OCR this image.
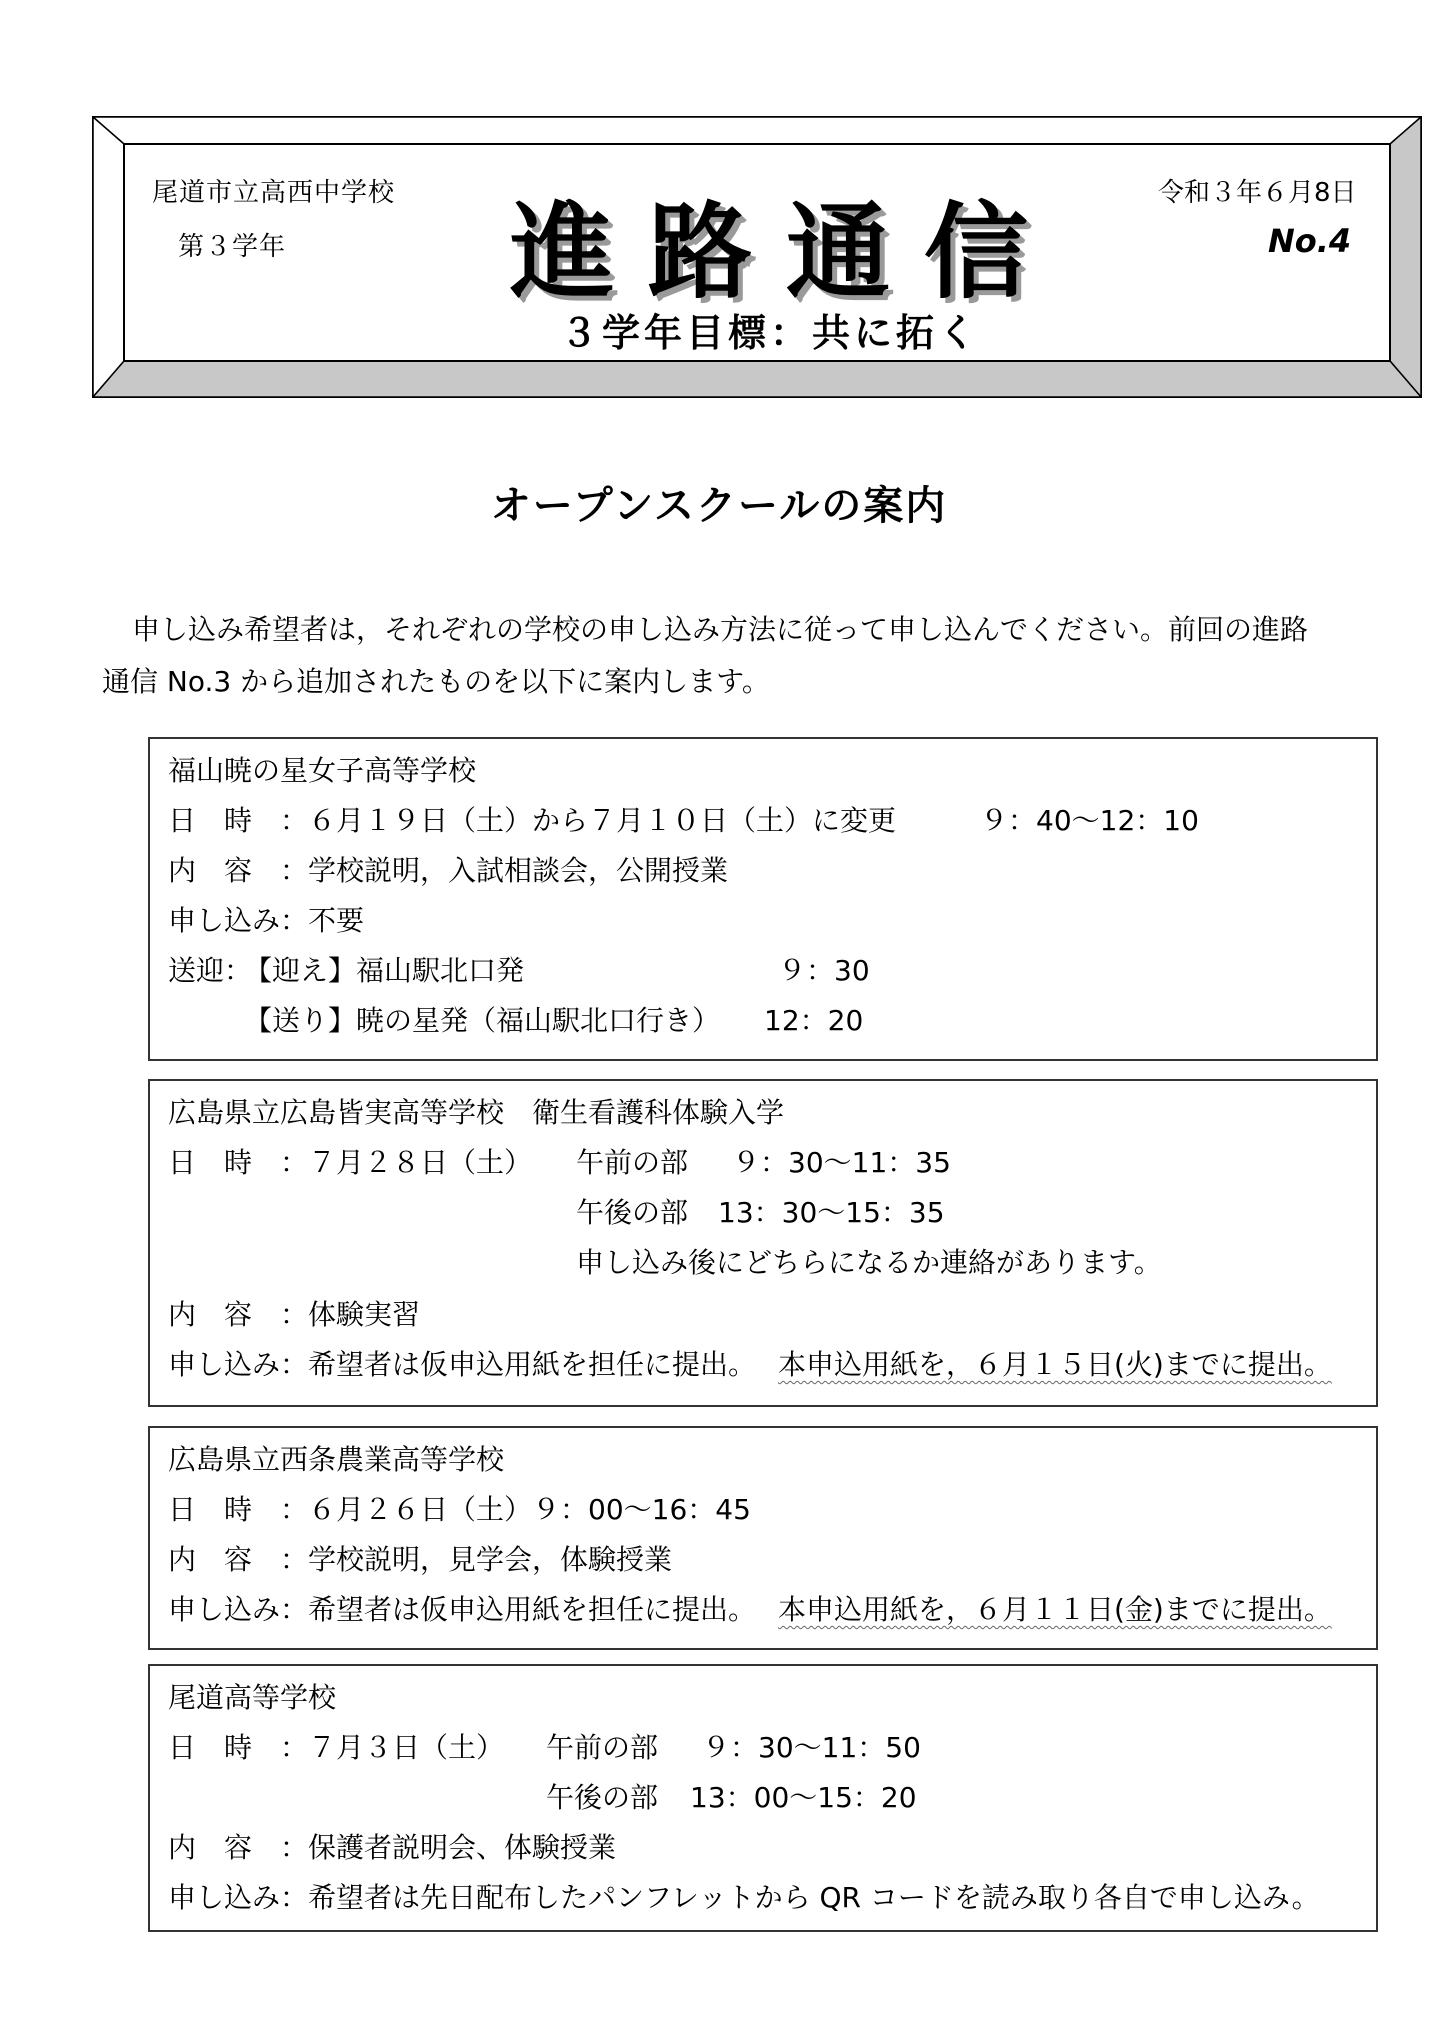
尾道市立高西中学校
第３学年 進路通信
３学年目標：共に拓く
令和３年６月8日
No.4
オープンスクールの案内
申し込み希望者は，それぞれの学校の申し込み方法に従って申し込んでください。前回の進路
通信 No.3 から追加されたものを以下に案内します。
福山暁の星女子高等学校
日　時 ：６月１９日（土）から７月１０日（土）に変更	９：40～12：10
内　容 ：学校説明，入試相談会，公開授業
申し込み ：不要
送迎：
【迎え】福山駅北口発	９：30
【送り】暁の星発（福山駅北口行き） 12：20
広島県立広島皆実高等学校　衛生看護科体験入学
日　時 ：７月２８日（土） 午前の部 ９：30～11：35
午後の部 13：30～15：35
申し込み後にどちらになるか連絡があります。
内　容 ：体験実習
申し込み ：希望者は仮申込用紙を担任に提出。 本申込用紙を，６月１５日(火)までに提出。
広島県立西条農業高等学校
日　時 ：６月２６日（土）９：00～16：45
内　容 ：学校説明，見学会，体験授業
申し込み ：希望者は仮申込用紙を担任に提出。 本申込用紙を，６月１１日(金)までに提出。
尾道高等学校
日　時 ：７月３日（土） 午前の部 ９：30～11：50
午後の部 13：00～15：20
内　容 ：保護者説明会、体験授業
申し込み ：希望者は先日配布したパンフレットから QR コードを読み取り各自で申し込み。
